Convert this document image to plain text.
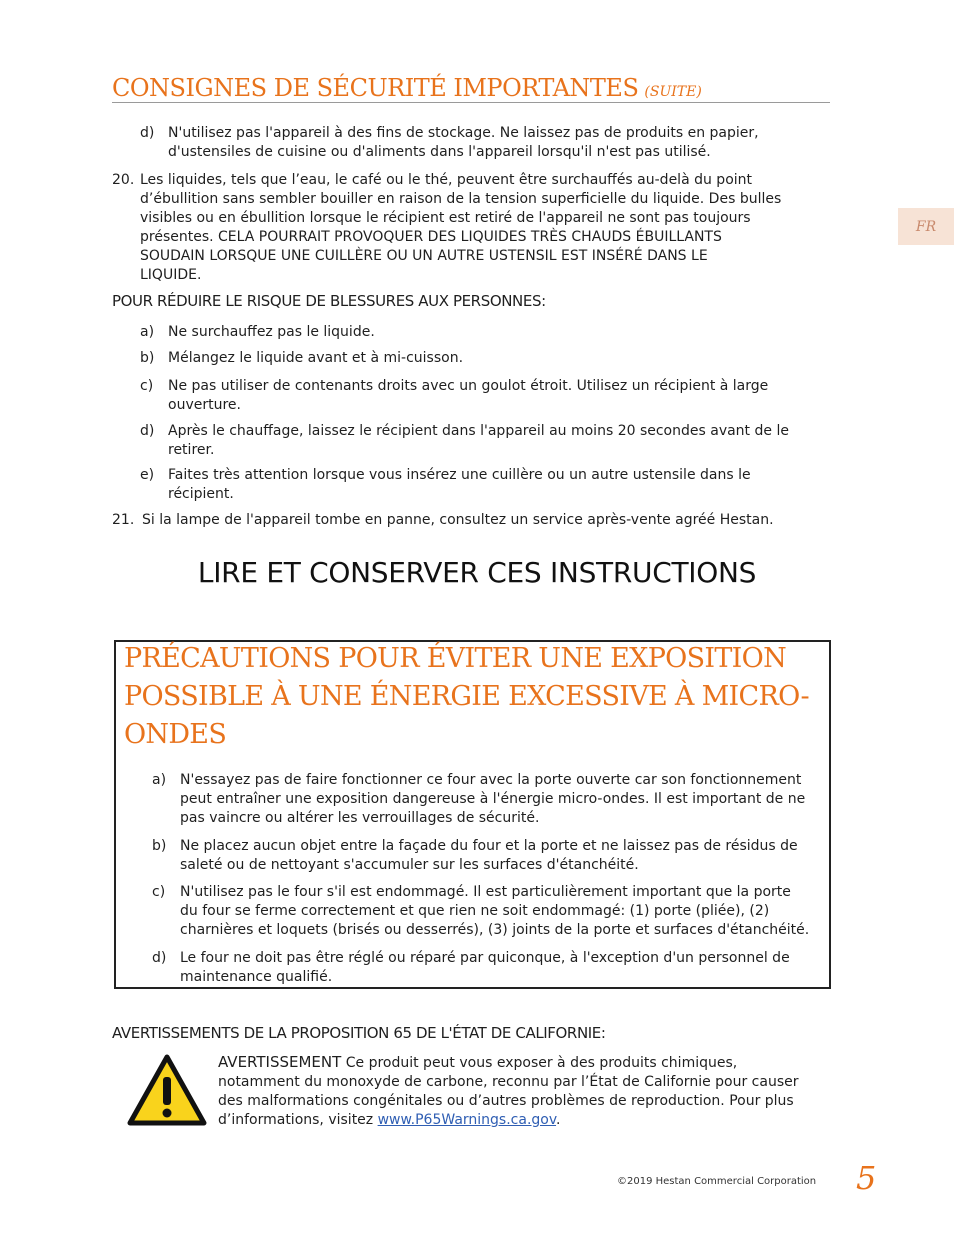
CONSIGNES DE SÉCURITÉ IMPORTANTES (SUITE)
FR
d) N'utilisez pas l'appareil à des fins de stockage. Ne laissez pas de produits en papier,
d'ustensiles de cuisine ou d'aliments dans l'appareil lorsqu'il n'est pas utilisé.

20. Les liquides, tels que l’eau, le café ou le thé, peuvent être surchauffés au-delà du point
d’ébullition sans sembler bouiller en raison de la tension superficielle du liquide. Des bulles
visibles ou en ébullition lorsque le récipient est retiré de l'appareil ne sont pas toujours
présentes. CELA POURRAIT PROVOQUER DES LIQUIDES TRÈS CHAUDS ÉBUILLANTS
SOUDAIN LORSQUE UNE CUILLÈRE OU UN AUTRE USTENSIL EST INSÉRÉ DANS LE
LIQUIDE.

POUR RÉDUIRE LE RISQUE DE BLESSURES AUX PERSONNES:
a) Ne surchauffez pas le liquide.

b) Mélangez le liquide avant et à mi-cuisson.

c) Ne pas utiliser de contenants droits avec un goulot étroit. Utilisez un récipient à large
ouverture.

d) Après le chauffage, laissez le récipient dans l'appareil au moins 20 secondes avant de le
retirer.

e) Faites très attention lorsque vous insérez une cuillère ou un autre ustensile dans le
récipient.

21. Si la lampe de l'appareil tombe en panne, consultez un service après-vente agréé Hestan.

LIRE ET CONSERVER CES INSTRUCTIONS
PRÉCAUTIONS POUR ÉVITER UNE EXPOSITION
POSSIBLE À UNE ÉNERGIE EXCESSIVE À MICRO-
ONDES
a) N'essayez pas de faire fonctionner ce four avec la porte ouverte car son fonctionnement
peut entraîner une exposition dangereuse à l'énergie micro-ondes. Il est important de ne
pas vaincre ou altérer les verrouillages de sécurité.

b) Ne placez aucun objet entre la façade du four et la porte et ne laissez pas de résidus de
saleté ou de nettoyant s'accumuler sur les surfaces d'étanchéité.

c) N'utilisez pas le four s'il est endommagé. Il est particulièrement important que la porte
du four se ferme correctement et que rien ne soit endommagé: (1) porte (pliée), (2)
charnières et loquets (brisés ou desserrés), (3) joints de la porte et surfaces d'étanchéité.

d) Le four ne doit pas être réglé ou réparé par quiconque, à l'exception d'un personnel de
maintenance qualifié.

AVERTISSEMENTS DE LA PROPOSITION 65 DE L'ÉTAT DE CALIFORNIE:

AVERTISSEMENT Ce produit peut vous exposer à des produits chimiques,
notamment du monoxyde de carbone, reconnu par l’État de Californie pour causer
des malformations congénitales ou d’autres problèmes de reproduction. Pour plus
d’informations, visitez www.P65Warnings.ca.gov.

©2019 Hestan Commercial Corporation 5
